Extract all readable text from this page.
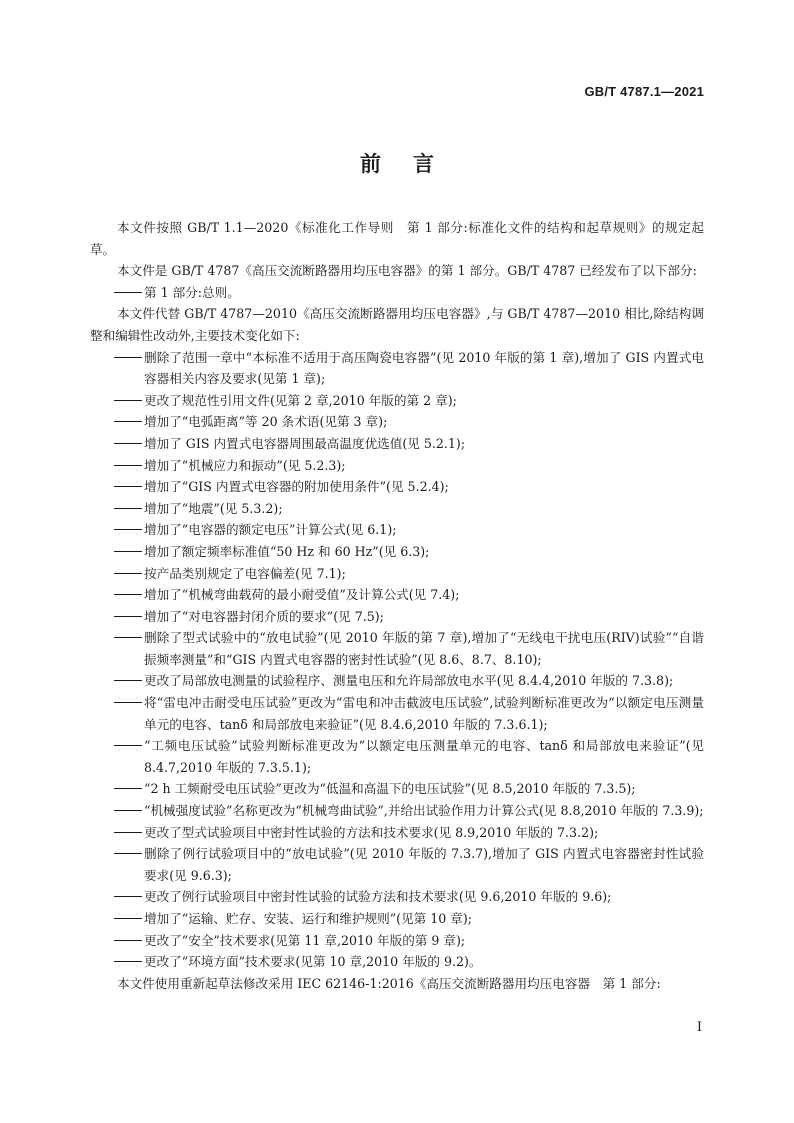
GB/T 4787.1—2021
前言

本文件按照 GB/T 1.1—2020《标准化工作导则　第 1 部分:标准化文件的结构和起草规则》的规定起草。

本文件是 GB/T 4787《高压交流断路器用均压电容器》的第 1 部分。GB/T 4787 已经发布了以下部分:

第 1 部分:总则。

本文件代替 GB/T 4787—2010《高压交流断路器用均压电容器》,与 GB/T 4787—2010 相比,除结构调整和编辑性改动外,主要技术变化如下:

删除了范围一章中“本标准不适用于高压陶瓷电容器”(见 2010 年版的第 1 章),增加了 GIS 内置式电容器相关内容及要求(见第 1 章);
更改了规范性引用文件(见第 2 章,2010 年版的第 2 章);
增加了“电弧距离”等 20 条术语(见第 3 章);
增加了 GIS 内置式电容器周围最高温度优选值(见 5.2.1);
增加了“机械应力和振动”(见 5.2.3);
增加了“GIS 内置式电容器的附加使用条件”(见 5.2.4);
增加了“地震”(见 5.3.2);
增加了“电容器的额定电压”计算公式(见 6.1);
增加了额定频率标准值“50 Hz 和 60 Hz”(见 6.3);
按产品类别规定了电容偏差(见 7.1);
增加了“机械弯曲载荷的最小耐受值”及计算公式(见 7.4);
增加了“对电容器封闭介质的要求”(见 7.5);
删除了型式试验中的“放电试验”(见 2010 年版的第 7 章),增加了“无线电干扰电压(RIV)试验”“自谐振频率测量”和“GIS 内置式电容器的密封性试验”(见 8.6、8.7、8.10);
更改了局部放电测量的试验程序、测量电压和允许局部放电水平(见 8.4.4,2010 年版的 7.3.8);
将“雷电冲击耐受电压试验”更改为“雷电和冲击截波电压试验”,试验判断标准更改为“以额定电压测量单元的电容、tanδ 和局部放电来验证”(见 8.4.6,2010 年版的 7.3.6.1);
“工频电压试验”试验判断标准更改为“以额定电压测量单元的电容、tanδ 和局部放电来验证”(见8.4.7,2010 年版的 7.3.5.1);
“2 h 工频耐受电压试验”更改为“低温和高温下的电压试验”(见 8.5,2010 年版的 7.3.5);
“机械强度试验”名称更改为“机械弯曲试验”,并给出试验作用力计算公式(见 8.8,2010 年版的 7.3.9);
更改了型式试验项目中密封性试验的方法和技术要求(见 8.9,2010 年版的 7.3.2);
删除了例行试验项目中的“放电试验”(见 2010 年版的 7.3.7),增加了 GIS 内置式电容器密封性试验要求(见 9.6.3);
更改了例行试验项目中密封性试验的试验方法和技术要求(见 9.6,2010 年版的 9.6);
增加了“运输、贮存、安装、运行和维护规则”(见第 10 章);
更改了“安全”技术要求(见第 11 章,2010 年版的第 9 章);
更改了“环境方面”技术要求(见第 10 章,2010 年版的 9.2)。

本文件使用重新起草法修改采用 IEC 62146-1:2016《高压交流断路器用均压电容器　第 1 部分:

I
